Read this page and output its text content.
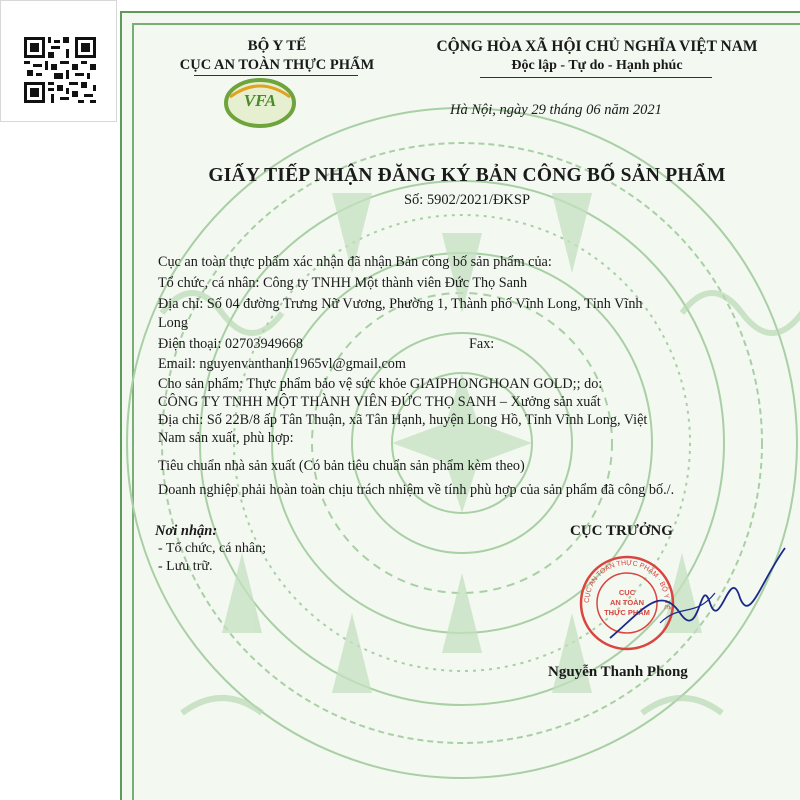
BỘ Y TẾ
CỤC AN TOÀN THỰC PHẨM
VFA
CỘNG HÒA XÃ HỘI CHỦ NGHĨA VIỆT NAM
Độc lập - Tự do - Hạnh phúc
Hà Nội, ngày 29 tháng 06 năm 2021
GIẤY TIẾP NHẬN ĐĂNG KÝ BẢN CÔNG BỐ SẢN PHẨM
Số: 5902/2021/ĐKSP
Cục an toàn thực phẩm xác nhận đã nhận Bản công bố sản phẩm của:
Tổ chức, cá nhân: Công ty TNHH Một thành viên Đức Thọ Sanh
Địa chỉ: Số 04 đường Trưng Nữ Vương, Phường 1, Thành phố Vĩnh Long, Tỉnh Vĩnh
Long
Điện thoại: 02703949668	Fax:
Email: nguyenvanthanh1965vl@gmail.com
Cho sản phẩm: Thực phẩm bảo vệ sức khỏe GIAIPHONGHOAN GOLD;; do:
CÔNG TY TNHH MỘT THÀNH VIÊN ĐỨC THỌ SANH – Xưởng sản xuất
Địa chỉ: Số 22B/8 ấp Tân Thuận, xã Tân Hạnh, huyện Long Hồ, Tỉnh Vĩnh Long, Việt
Nam sản xuất, phù hợp:
Tiêu chuẩn nhà sản xuất (Có bản tiêu chuẩn sản phẩm kèm theo)
Doanh nghiệp phải hoàn toàn chịu trách nhiệm về tính phù hợp của sản phẩm đã công bố./.
Nơi nhận:
- Tổ chức, cá nhân;
- Lưu trữ.
CỤC TRƯỞNG
CỤC AN TOÀN THỰC PHẨM · BỘ Y TẾ
CỤC
AN TOÀN
THỰC PHẨM
Nguyễn Thanh Phong
